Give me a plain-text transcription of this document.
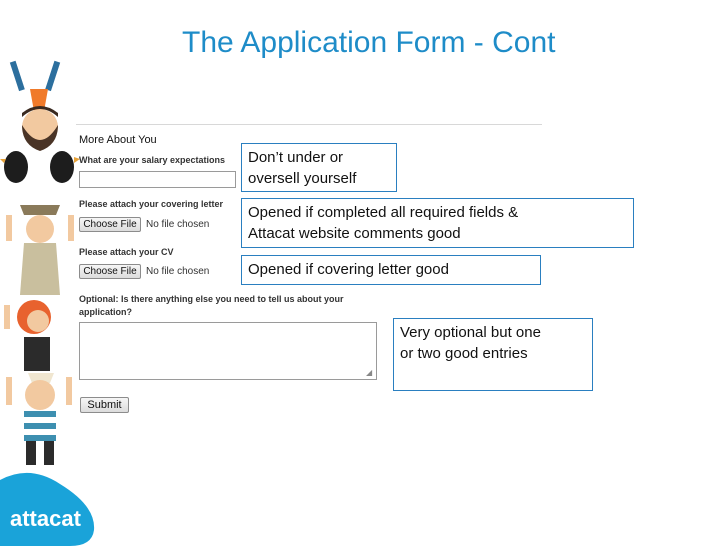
The Application Form - Cont
attacat
More About You
What are your salary expectations
Please attach your covering letter
Choose File No file chosen
Please attach your CV
Choose File No file chosen
Optional: Is there anything else you need to tell us about your
application?
◢
Submit
Don’t under or
oversell yourself
Opened if completed all required fields &
Attacat website comments good
Opened if covering letter good
Very optional but one
or two good entries
